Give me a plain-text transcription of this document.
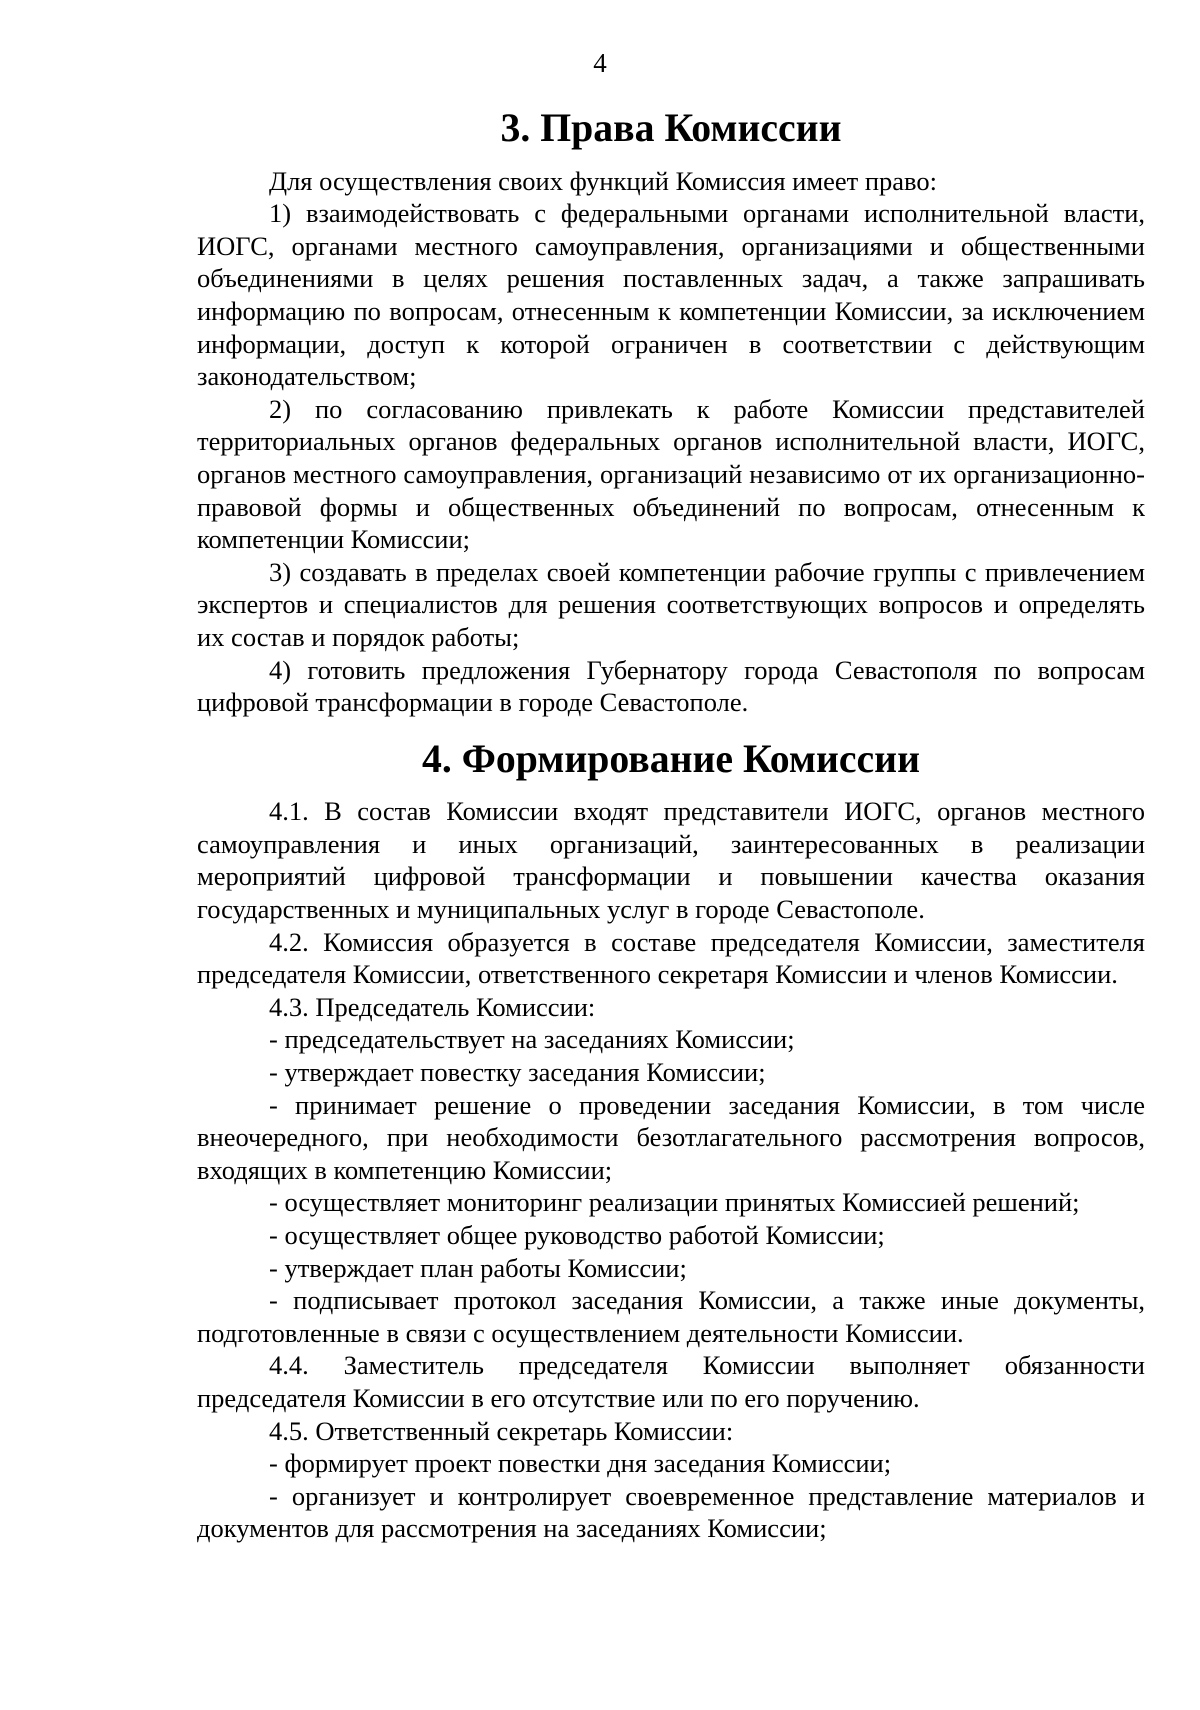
4
3. Права Комиссии

Для осуществления своих функций Комиссия имеет право:

1) взаимодействовать с федеральными органами исполнительной власти, ИОГС, органами местного самоуправления, организациями и общественными объединениями в целях решения поставленных задач, а также запрашивать информацию по вопросам, отнесенным к компетенции Комиссии, за исключением информации, доступ к которой ограничен в соответствии с действующим законодательством;

2) по согласованию привлекать к работе Комиссии представителей территориальных органов федеральных органов исполнительной власти, ИОГС, органов местного самоуправления, организаций независимо от их организационно-правовой формы и общественных объединений по вопросам, отнесенным к компетенции Комиссии;

3) создавать в пределах своей компетенции рабочие группы с привлечением экспертов и специалистов для решения соответствующих вопросов и определять их состав и порядок работы;

4) готовить предложения Губернатору города Севастополя по вопросам цифровой трансформации в городе Севастополе.

4. Формирование Комиссии

4.1. В состав Комиссии входят представители ИОГС, органов местного самоуправления и иных организаций, заинтересованных в реализации мероприятий цифровой трансформации и повышении качества оказания государственных и муниципальных услуг в городе Севастополе.

4.2. Комиссия образуется в составе председателя Комиссии, заместителя председателя Комиссии, ответственного секретаря Комиссии и членов Комиссии.

4.3. Председатель Комиссии:

- председательствует на заседаниях Комиссии;

- утверждает повестку заседания Комиссии;

- принимает решение о проведении заседания Комиссии, в том числе внеочередного, при необходимости безотлагательного рассмотрения вопросов, входящих в компетенцию Комиссии;

- осуществляет мониторинг реализации принятых Комиссией решений;

- осуществляет общее руководство работой Комиссии;

- утверждает план работы Комиссии;

- подписывает протокол заседания Комиссии, а также иные документы, подготовленные в связи с осуществлением деятельности Комиссии.

4.4. Заместитель председателя Комиссии выполняет обязанности председателя Комиссии в его отсутствие или по его поручению.

4.5. Ответственный секретарь Комиссии:

- формирует проект повестки дня заседания Комиссии;

- организует и контролирует своевременное представление материалов и документов для рассмотрения на заседаниях Комиссии;
